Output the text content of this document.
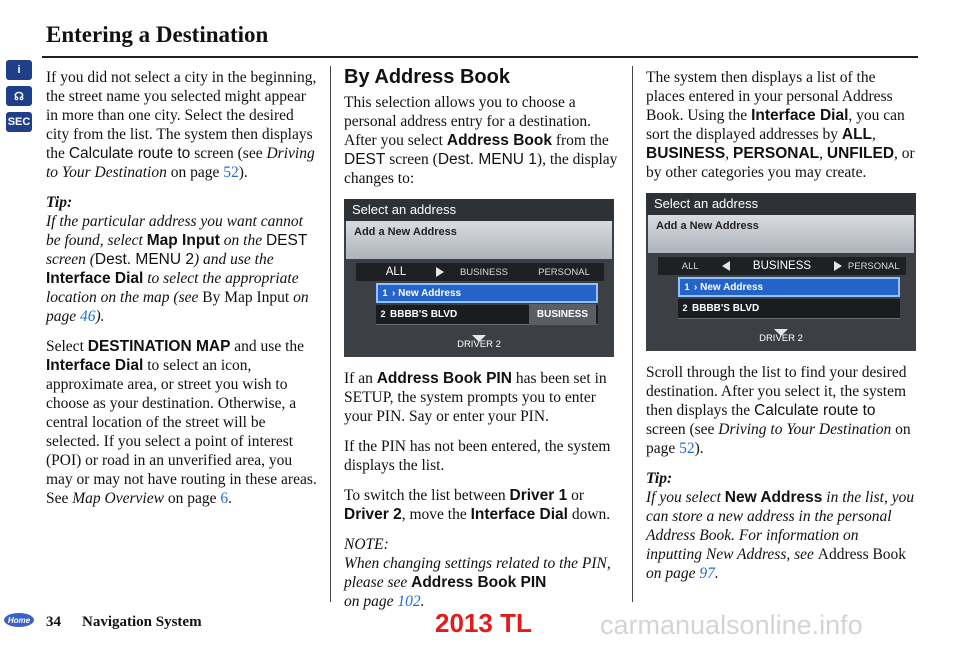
Entering a Destination
i
☊
SEC
Home

If you did not select a city in the beginning, the street name you selected might appear in more than one city. Select the desired city from the list. The system then displays the Calculate route to screen (see Driving to Your Destination on page 52).

Tip:
If the particular address you want cannot be found, select Map Input on the DEST screen (Dest. MENU 2) and use the Interface Dial to select the appropriate location on the map (see By Map Input on page 46).

Select DESTINATION MAP and use the Interface Dial to select an icon, approximate area, or street you wish to choose as your destination. Otherwise, a central location of the street will be selected. If you select a point of interest (POI) or road in an unverified area, you may or may not have routing in these areas. See Map Overview on page 6.

By Address Book

This selection allows you to choose a personal address entry for a destination. After you select Address Book from the DEST screen (Dest. MENU 1), the display changes to:

Select an address
Add a New Address
ALL	BUSINESS	PERSONAL
1 › New Address
2 BBBB'S BLVD	BUSINESS
DRIVER 2

If an Address Book PIN has been set in SETUP, the system prompts you to enter your PIN. Say or enter your PIN.

If the PIN has not been entered, the system displays the list.

To switch the list between Driver 1 or Driver 2, move the Interface Dial down.

NOTE:
When changing settings related to the PIN, please see Address Book PIN
on page 102.

The system then displays a list of the places entered in your personal Address Book. Using the Interface Dial, you can sort the displayed addresses by ALL, BUSINESS, PERSONAL, UNFILED, or by other categories you may create.

Select an address
Add a New Address
ALL	BUSINESS	PERSONAL
1 › New Address
2 BBBB'S BLVD
DRIVER 2

Scroll through the list to find your desired destination. After you select it, the system then displays the Calculate route to screen (see Driving to Your Destination on page 52).

Tip:
If you select New Address in the list, you can store a new address in the personal Address Book. For information on inputting New Address, see Address Book on page 97.

34 Navigation System	2013 TL	carmanualsonline.info
